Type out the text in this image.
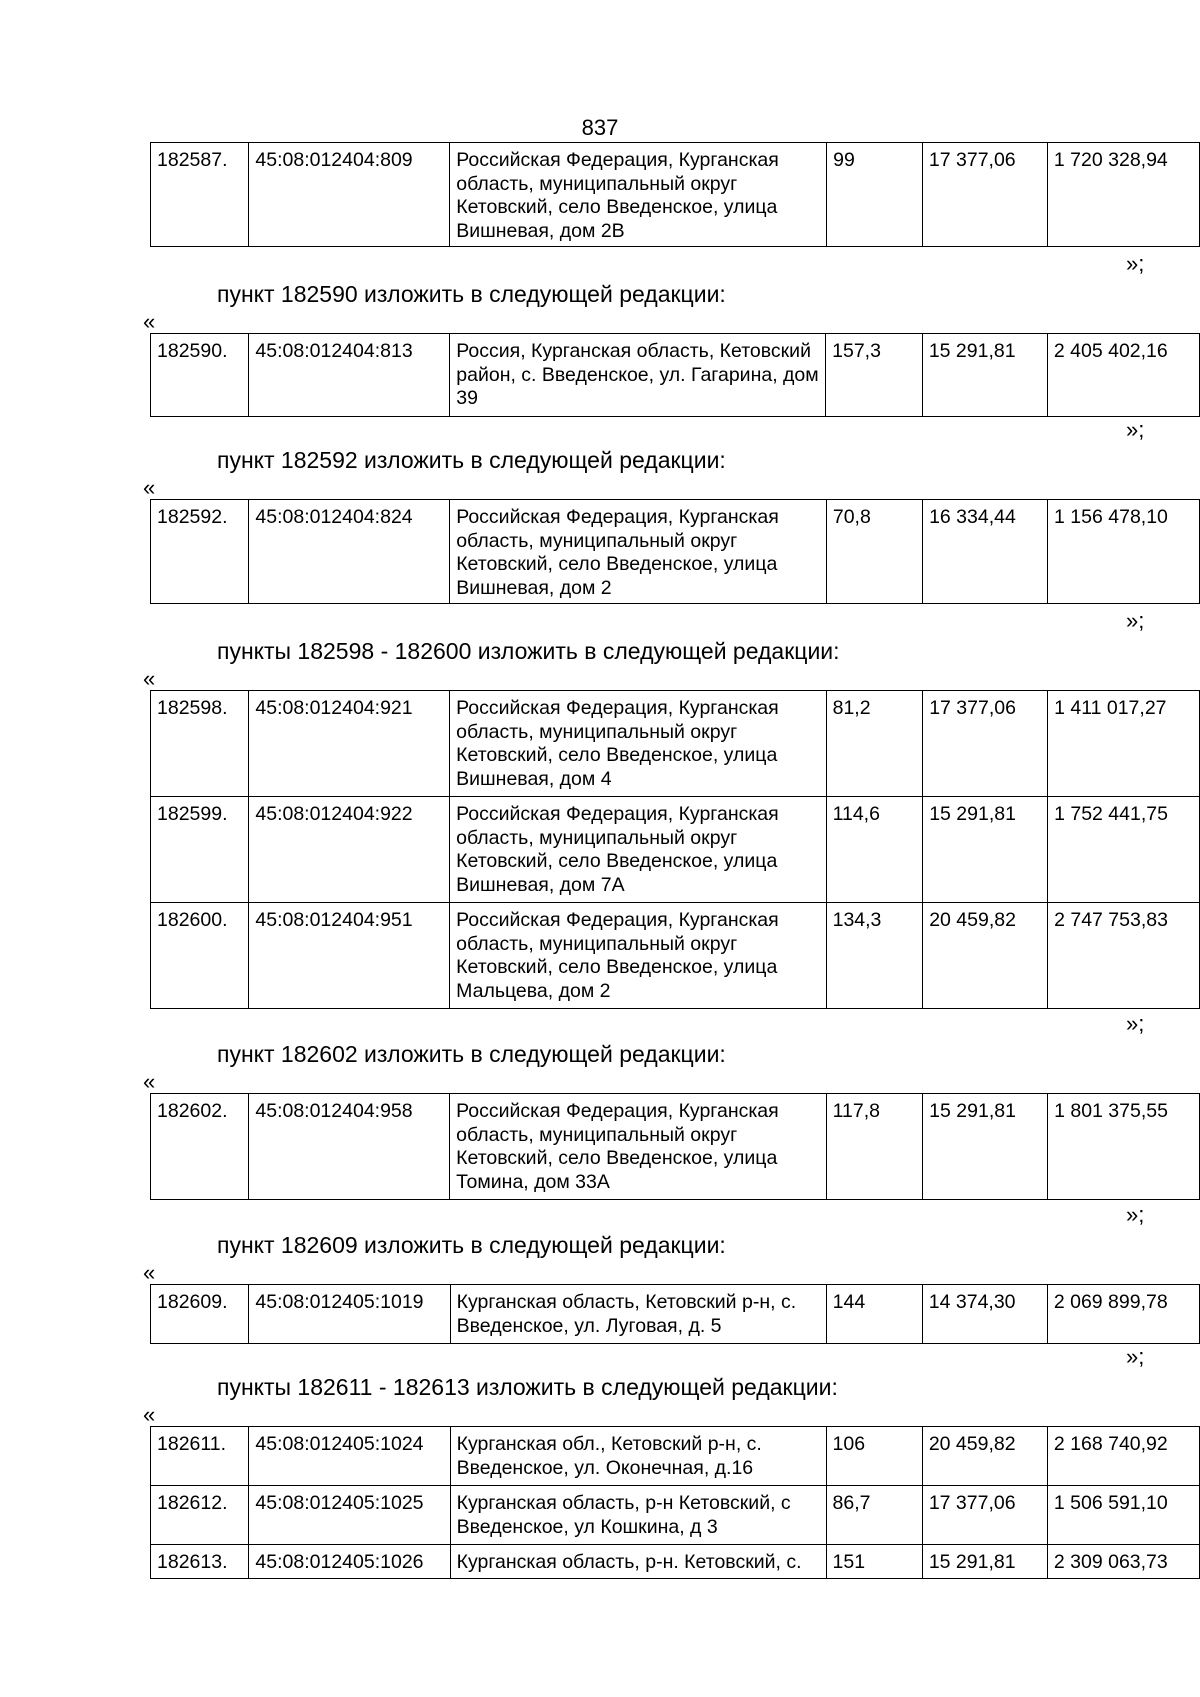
837
182587.	45:08:012404:809	Российская Федерация, Курганская область, муниципальный округ Кетовский, село Введенское, улица Вишневая, дом 2В	99	17 377,06	1 720 328,94
»;
пункт 182590 изложить в следующей редакции:
«
182590.	45:08:012404:813	Россия, Курганская область, Кетовский район, с. Введенское, ул. Гагарина, дом 39	157,3	15 291,81	2 405 402,16
»;
пункт 182592 изложить в следующей редакции:
«
182592.	45:08:012404:824	Российская Федерация, Курганская область, муниципальный округ Кетовский, село Введенское, улица Вишневая, дом 2	70,8	16 334,44	1 156 478,10
»;
пункты 182598 - 182600 изложить в следующей редакции:
«
182598.	45:08:012404:921	Российская Федерация, Курганская область, муниципальный округ Кетовский, село Введенское, улица Вишневая, дом 4	81,2	17 377,06	1 411 017,27
182599.	45:08:012404:922	Российская Федерация, Курганская область, муниципальный округ Кетовский, село Введенское, улица Вишневая, дом 7А	114,6	15 291,81	1 752 441,75
182600.	45:08:012404:951	Российская Федерация, Курганская область, муниципальный округ Кетовский, село Введенское, улица Мальцева, дом 2	134,3	20 459,82	2 747 753,83
»;
пункт 182602 изложить в следующей редакции:
«
182602.	45:08:012404:958	Российская Федерация, Курганская область, муниципальный округ Кетовский, село Введенское, улица Томина, дом 33А	117,8	15 291,81	1 801 375,55
»;
пункт 182609 изложить в следующей редакции:
«
182609.	45:08:012405:1019	Курганская область, Кетовский р-н, с. Введенское, ул. Луговая, д. 5	144	14 374,30	2 069 899,78
»;
пункты 182611 - 182613 изложить в следующей редакции:
«
182611.	45:08:012405:1024	Курганская обл., Кетовский р-н, с. Введенское, ул. Оконечная, д.16	106	20 459,82	2 168 740,92
182612.	45:08:012405:1025	Курганская область, р-н Кетовский, с Введенское, ул Кошкина, д 3	86,7	17 377,06	1 506 591,10
182613.	45:08:012405:1026	Курганская область, р-н. Кетовский, с.	151	15 291,81	2 309 063,73
